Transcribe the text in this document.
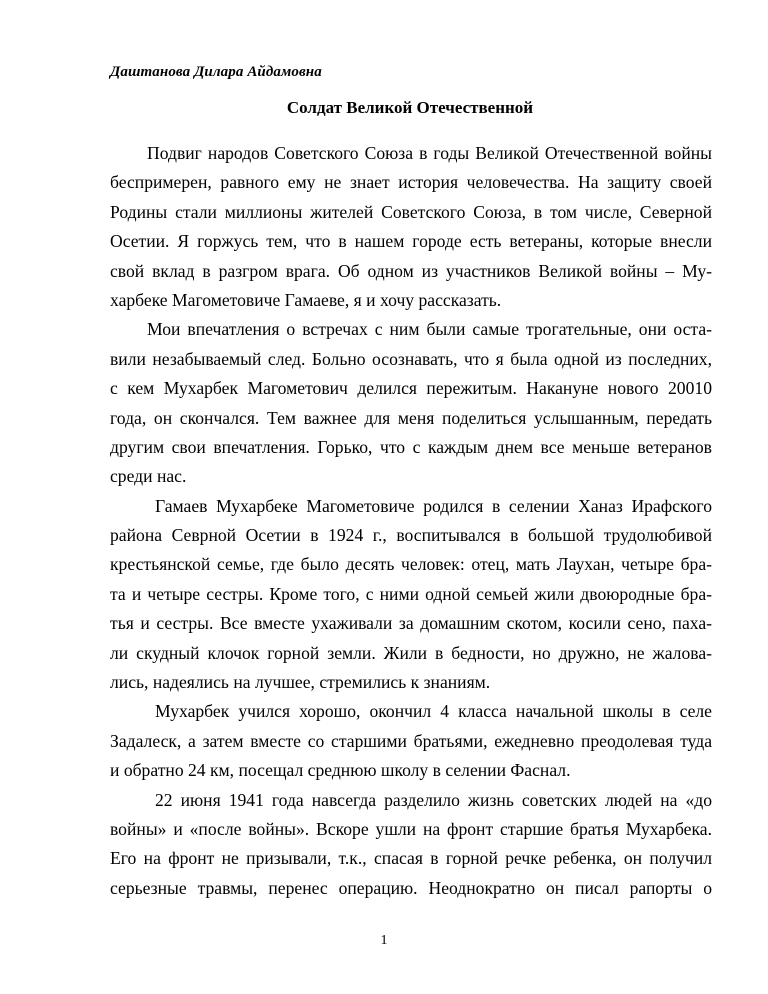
Даштанова Дилара Айдамовна
Солдат Великой Отечественной
Подвиг народов Советского Союза в годы Великой Отечественной войны
беспримерен, равного ему не знает история человечества. На защиту своей
Родины стали миллионы жителей Советского Союза, в том числе, Северной
Осетии. Я горжусь тем, что в нашем городе есть ветераны, которые внесли
свой вклад в разгром врага. Об одном из участников Великой войны – Му-
харбеке Магометовиче Гамаеве, я и хочу рассказать.
Мои впечатления о встречах с ним были самые трогательные, они оста-
вили незабываемый след. Больно осознавать, что я была одной из последних,
с кем Мухарбек Магометович делился пережитым. Накануне нового 20010
года, он скончался. Тем важнее для меня поделиться услышанным, передать
другим свои впечатления. Горько, что с каждым днем все меньше ветеранов
среди нас.
Гамаев Мухарбеке Магометовиче родился в селении Ханаз Ирафского
района Севрной Осетии в 1924 г., воспитывался в большой трудолюбивой
крестьянской семье, где было десять человек: отец, мать Лаухан, четыре бра-
та и четыре сестры. Кроме того, с ними одной семьей жили двоюродные бра-
тья и сестры. Все вместе ухаживали за домашним скотом, косили сено, паха-
ли скудный клочок горной земли. Жили в бедности, но дружно, не жалова-
лись, надеялись на лучшее, стремились к знаниям.
Мухарбек учился хорошо, окончил 4 класса начальной школы в селе
Задалеск, а затем вместе со старшими братьями, ежедневно преодолевая туда
и обратно 24 км, посещал среднюю школу в селении Фаснал.
22 июня 1941 года навсегда разделило жизнь советских людей на «до
войны» и «после войны». Вскоре ушли на фронт старшие братья Мухарбека.
Его на фронт не призывали, т.к., спасая в горной речке ребенка, он получил
серьезные травмы, перенес операцию. Неоднократно он писал рапорты о
1
